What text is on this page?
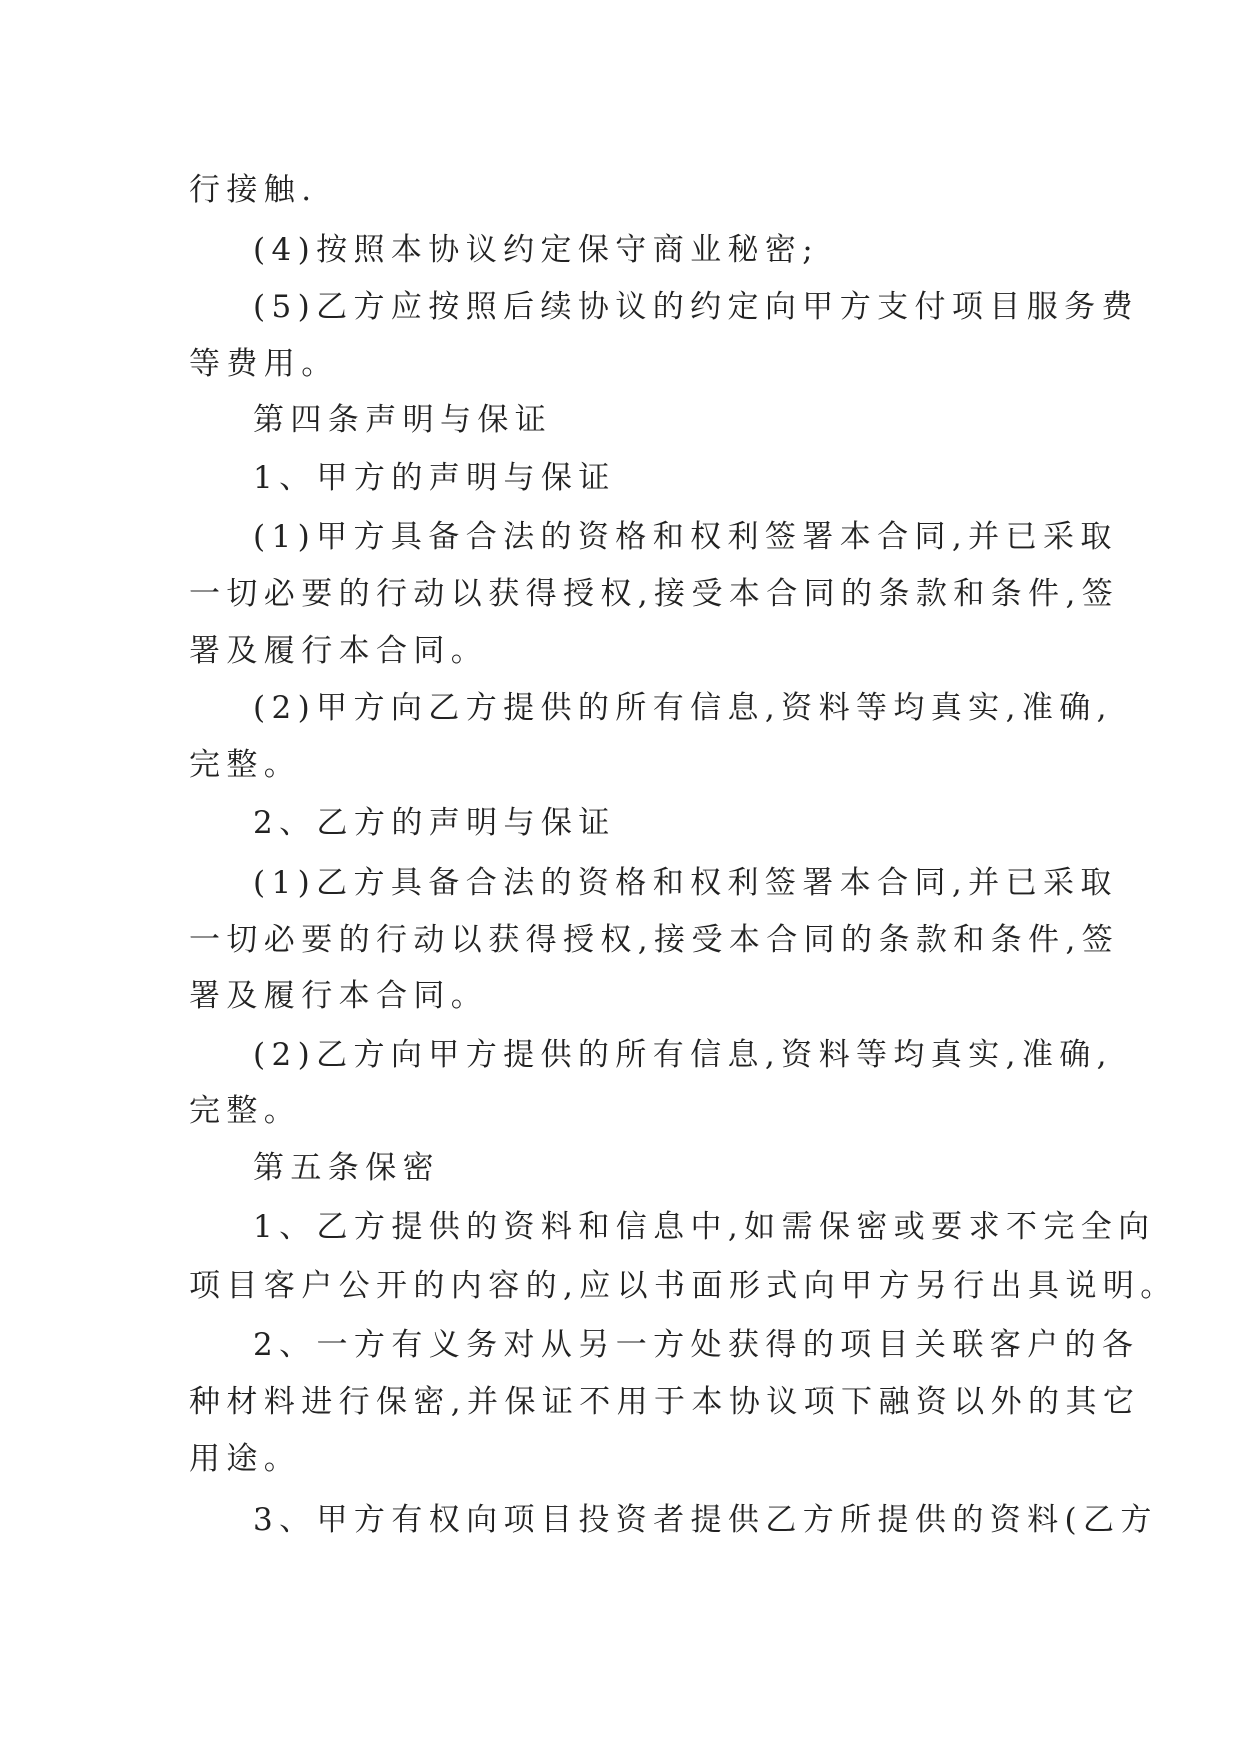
行接触.

(4)按照本协议约定保守商业秘密;

(5)乙方应按照后续协议的约定向甲方支付项目服务费

等费用。

第四条声明与保证

1、甲方的声明与保证

(1)甲方具备合法的资格和权利签署本合同,并已采取

一切必要的行动以获得授权,接受本合同的条款和条件,签

署及履行本合同。

(2)甲方向乙方提供的所有信息,资料等均真实,准确,

完整。

2、乙方的声明与保证

(1)乙方具备合法的资格和权利签署本合同,并已采取

一切必要的行动以获得授权,接受本合同的条款和条件,签

署及履行本合同。

(2)乙方向甲方提供的所有信息,资料等均真实,准确,

完整。

第五条保密

1、乙方提供的资料和信息中,如需保密或要求不完全向

项目客户公开的内容的,应以书面形式向甲方另行出具说明。

2、一方有义务对从另一方处获得的项目关联客户的各

种材料进行保密,并保证不用于本协议项下融资以外的其它

用途。

3、甲方有权向项目投资者提供乙方所提供的资料(乙方
